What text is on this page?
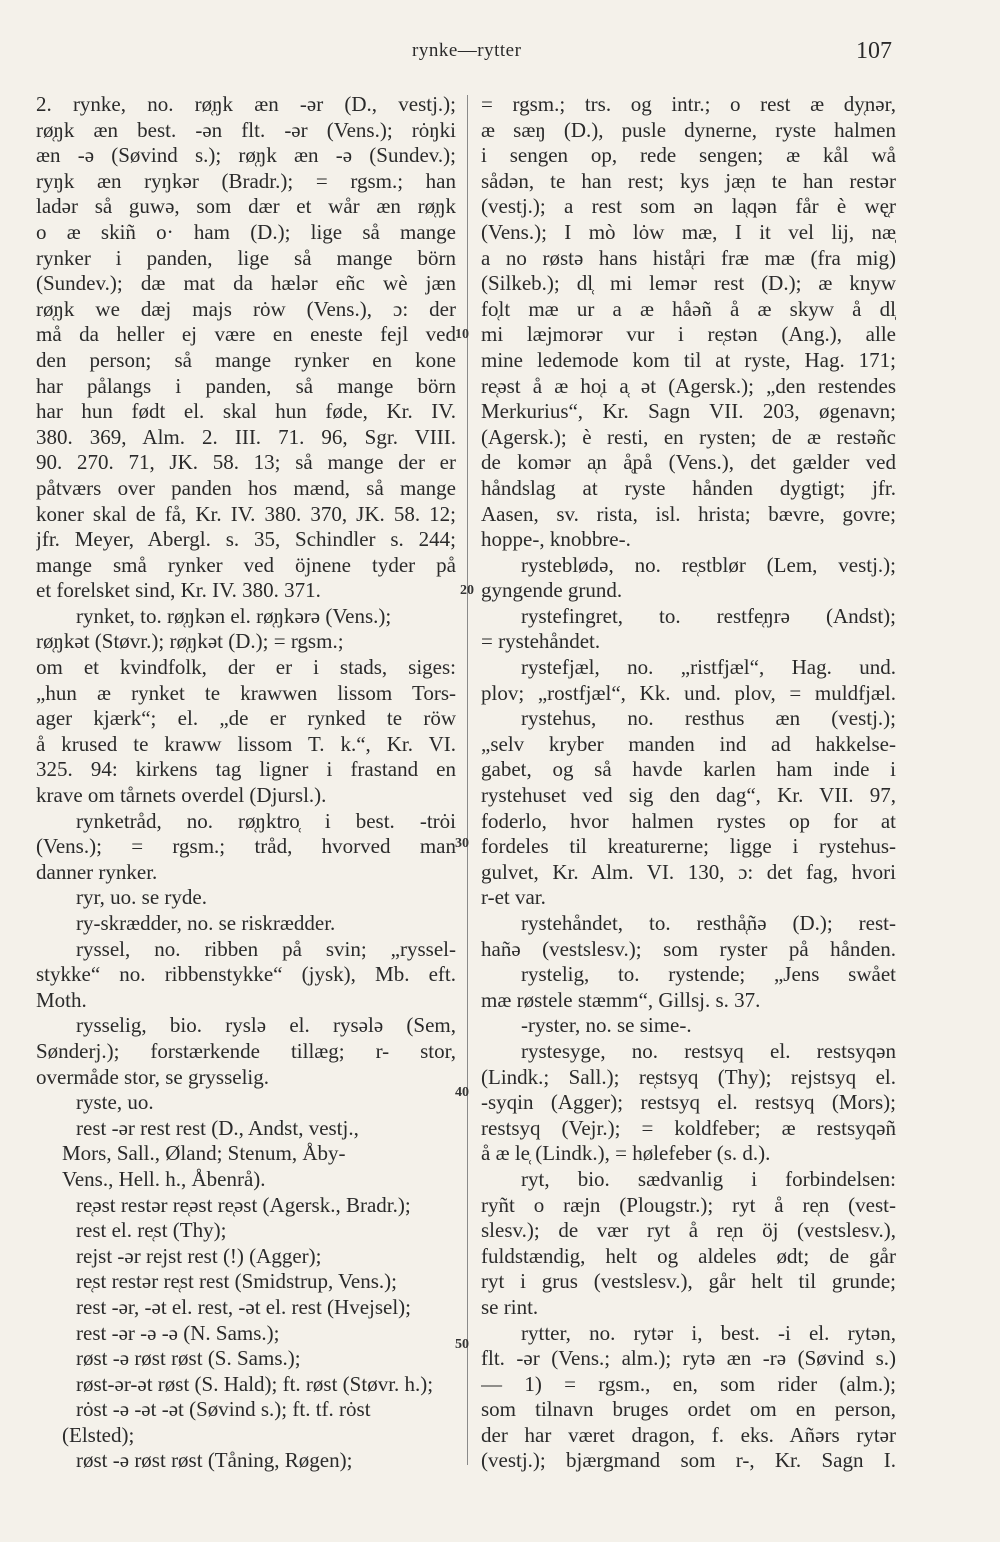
rynke—rytter	107
10
20
30
40
50
2. rynke, no. rø̜ŋk æn -ər (D., vestj.);
rø̜ŋk æn best. -ən flt. -ər (Vens.); rȯŋki
æn -ə (Søvind s.); rø̜ŋk æn -ə (Sundev.);
ryŋk æn ryŋkər (Bradr.); = rgsm.; han
ladər så guwə, som dær et wår æn rø̜ŋk
o æ skiñ o· ham (D.); lige så mange
rynker i panden, lige så mange börn
(Sundev.); dæ mat da hælər eñc wè jæn
rø̜ŋk we dæj majs rȯw (Vens.), ɔ: der
må da heller ej være en eneste fejl ved
den person; så mange rynker en kone
har pålangs i panden, så mange börn
har hun født el. skal hun føde, Kr. IV.
380. 369, Alm. 2. III. 71. 96, Sgr. VIII.
90. 270. 71, JK. 58. 13; så mange der er
påtværs over panden hos mænd, så mange
koner skal de få, Kr. IV. 380. 370, JK. 58. 12;
jfr. Meyer, Abergl. s. 35, Schindler s. 244;
mange små rynker ved öjnene tyder på
et forelsket sind, Kr. IV. 380. 371.
rynket, to. rø̜ŋkən el. rø̜ŋkərə (Vens.);
rø̜ŋkət (Støvr.); rø̜ŋkət (D.); = rgsm.;
om et kvindfolk, der er i stads, siges:
„hun æ rynket te krawwen lissom Tors-
ager kjærk“; el. „de er rynked te röw
å krused te kraww lissom T. k.“, Kr. VI.
325. 94: kirkens tag ligner i frastand en
krave om tårnets overdel (Djursl.).
rynketråd, no. rø̜ŋktro̜ i best. -trȯi
(Vens.); = rgsm.; tråd, hvorved man
danner rynker.
ryr, uo. se ryde.
ry-skrædder, no. se riskrædder.
ryssel, no. ribben på svin; „ryssel-
stykke“ no. ribbenstykke“ (jysk), Mb. eft.
Moth.
rysselig, bio. ryslə el. rysələ (Sem,
Sønderj.); forstærkende tillæg; r- stor,
overmåde stor, se grysselig.
ryste, uo.
rest -ər rest rest (D., Andst, vestj.,
Mors, Sall., Øland; Stenum, Åby-
Vens., Hell. h., Åbenrå).
re̜əst restər re̜əst re̜əst (Agersk., Bradr.);
rest el. re̜st (Thy);
rejst -ər rejst rest (!) (Agger);
re̜st restər re̜st rest (Smidstrup, Vens.);
rest -ər, -ət el. rest, -ət el. rest (Hvejsel);
rest -ər -ə -ə (N. Sams.);
røst -ə røst røst (S. Sams.);
røst-ər-ət røst (S. Hald); ft. røst (Støvr. h.);
rȯst -ə -ət -ət (Søvind s.); ft. tf. rȯst
(Elsted);
røst -ə røst røst (Tåning, Røgen);
= rgsm.; trs. og intr.; o rest æ dy̜nər,
æ sæŋ (D.), pusle dynerne, ryste halmen
i sengen op, rede sengen; æ kål wå
sådən, te han rest; kys jæ̜n te han restər
(vestj.); a rest som ən la̜qən får è wę̜r
(Vens.); I mò lȯw mæ, I it vel lij, næ̜
a no røstə hans histå̜ri fræ mæ (fra mig)
(Silkeb.); dl̜ mi lemər rest (D.); æ knyw
fo̜lt mæ ur a æ håəñ å æ skyw å dl̜
mi læjmorər vur i re̜stən (Ang.), alle
mine ledemode kom til at ryste, Hag. 171;
re̜əst å æ ho̜i a̜ ət (Agersk.); „den restendes
Merkurius“, Kr. Sagn VII. 203, øgenavn;
(Agersk.); è resti, en rysten; de æ restəñc
de komər a̜n å̜på (Vens.), det gælder ved
håndslag at ryste hånden dygtigt; jfr.
Aasen, sv. rista, isl. hrista; bævre, govre;
hoppe-, knobbre-.
rysteblødə, no. re̜stblør (Lem, vestj.);
gyngende grund.
rystefingret, to. restfe̜ŋrə (Andst);
= rystehåndet.
rystefjæl, no. „ristfjæl“, Hag. und.
plov; „rostfjæl“, Kk. und. plov, = muldfjæl.
rystehus, no. resthus æn (vestj.);
„selv kryber manden ind ad hakkelse-
gabet, og så havde karlen ham inde i
rystehuset ved sig den dag“, Kr. VII. 97,
foderlo, hvor halmen rystes op for at
fordeles til kreaturerne; ligge i rystehus-
gulvet, Kr. Alm. VI. 130, ɔ: det fag, hvori
r-et var.
rystehåndet, to. resthå̜ñə (D.); rest-
hañə (vestslesv.); som ryster på hånden.
rystelig, to. rystende; „Jens swået
mæ røstele stæmm“, Gillsj. s. 37.
-ryster, no. se sime-.
rystesyge, no. restsyq el. restsyqən
(Lindk.; Sall.); re̜stsyq (Thy); rejstsyq el.
-syqin (Agger); restsyq el. restsyq (Mors);
restsyq (Vejr.); = koldfeber; æ restsyqəñ
å æ le̜ (Lindk.), = hølefeber (s. d.).
ryt, bio. sædvanlig i forbindelsen:
ryñt o ræjn (Plougstr.); ryt å re̜n (vest-
slesv.); de vær ryt å re̜n öj (vestslesv.),
fuldstændig, helt og aldeles ødt; de går
ryt i grus (vestslesv.), går helt til grunde;
se rint.
rytter, no. rytər i, best. -i el. rytən,
flt. -ər (Vens.; alm.); rytə æn -rə (Søvind s.)
— 1) = rgsm., en, som rider (alm.);
som tilnavn bruges ordet om en person,
der har været dragon, f. eks. Añərs rytər
(vestj.); bjærgmand som r-, Kr. Sagn I.
